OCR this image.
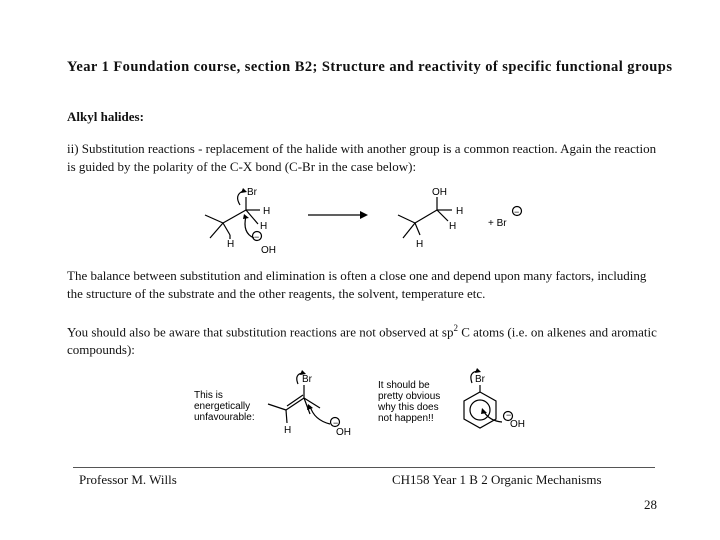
Year 1 Foundation course, section B2; Structure and reactivity of specific functional groups
Alkyl halides:
ii) Substitution reactions - replacement of the halide with another group is a common reaction. Again the reaction is guided by the polarity of the C-X bond (C-Br in the case below):
Br
H
H
H
OH
−
OH
H
H
H
+ Br
−
The balance between substitution and elimination is often a close one and depend upon many factors, including the structure of the substrate and the other reagents, the solvent, temperature etc.
You should also be aware that substitution reactions are not observed at $sp^2$ C atoms (i.e. on alkenes and aromatic compounds):
This is
energetically
unfavourable:
Br
H	OH
−
It should be
pretty obvious
why this does
not happen!!
Br
OH
−
Professor M. Wills	CH158 Year 1 B 2 Organic Mechanisms
28
